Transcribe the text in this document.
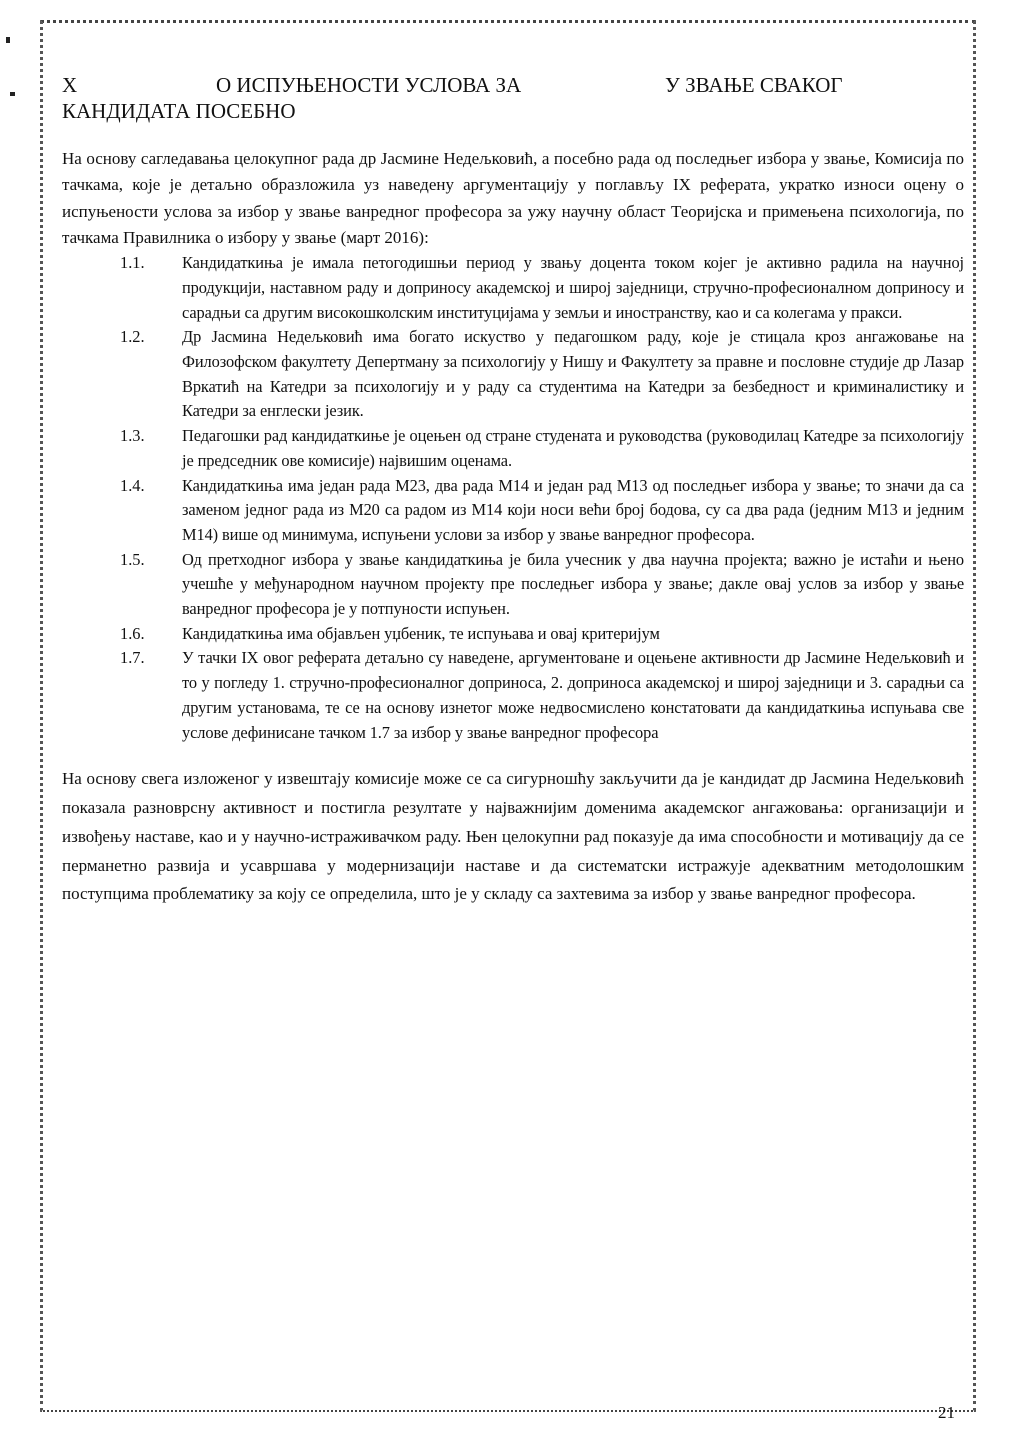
X	О ИСПУЊЕНОСТИ УСЛОВА ЗА	У ЗВАЊЕ СВАКОГ
КАНДИДАТА ПОСЕБНО

На основу сагледавања целокупног рада др Јасмине Недељковић, а посебно рада од последњег избора у звање, Комисија по тачкама, које је детаљно образложила уз наведену аргументацију у поглављу IX реферата, укратко износи оцену о испуњености услова за избор у звање ванредног професора за ужу научну област Теоријска и примењена психологија, по тачкама Правилника о избору у звање (март 2016):

1.1.	Кандидаткиња је имала петогодишњи период у звању доцента током којег је активно радила на научној продукцији, наставном раду и доприносу академској и широј заједници, стручно-професионалном доприносу и сарадњи са другим високошколским институцијама у земљи и иностранству, као и са колегама у пракси.
1.2.	Др Јасмина Недељковић има богато искуство у педагошком раду, које је стицала кроз ангажовање на Филозофском факултету Депертману за психологију у Нишу и Факултету за правне и пословне студије др Лазар Вркатић на Катедри за психологију и у раду са студентима на Катедри за безбедност и криминалистику и Катедри за енглески језик.
1.3.	Педагошки рад кандидаткиње је оцењен од стране студената и руководства (руководилац Катедре за психологију је председник ове комисије) највишим оценама.
1.4.	Кандидаткиња има један рада М23, два рада М14 и један рад М13 од последњег избора у звање; то значи да са заменом једног рада из М20 са радом из М14 који носи већи број бодова, су са два рада (једним М13 и једним М14) више од минимума, испуњени услови за избор у звање ванредног професора.
1.5.	Од претходног избора у звање кандидаткиња је била учесник у два научна пројекта; важно је истаћи и њено учешће у међународном научном пројекту пре последњег избора у звање; дакле овај услов за избор у звање ванредног професора је у потпуности испуњен.
1.6.	Кандидаткиња има објављен уџбеник, те испуњава и овај критеријум
1.7.	У тачки IX овог реферата детаљно су наведене, аргументоване и оцењене активности др Јасмине Недељковић и то у погледу 1. стручно-професионалног доприноса, 2. доприноса академској и широј заједници и 3. сарадњи са другим установама, те се на основу изнетог може недвосмислено констатовати да кандидаткиња испуњава све услове дефинисане тачком 1.7 за избор у звање ванредног професора

На основу свега изложеног у извештају комисије може се са сигурношћу закључити да је кандидат др Јасмина Недељковић показала разноврсну активност и постигла резултате у најважнијим доменима академског ангажовања: организацији и извођењу наставе, као и у научно-истраживачком раду. Њен целокупни рад показује да има способности и мотивацију да се перманетно развија и усавршава у модернизацији наставе и да систематски истражује адекватним методолошким поступцима проблематику за коју се определила, што је у складу са захтевима за избор у звање ванредног професора.

21
